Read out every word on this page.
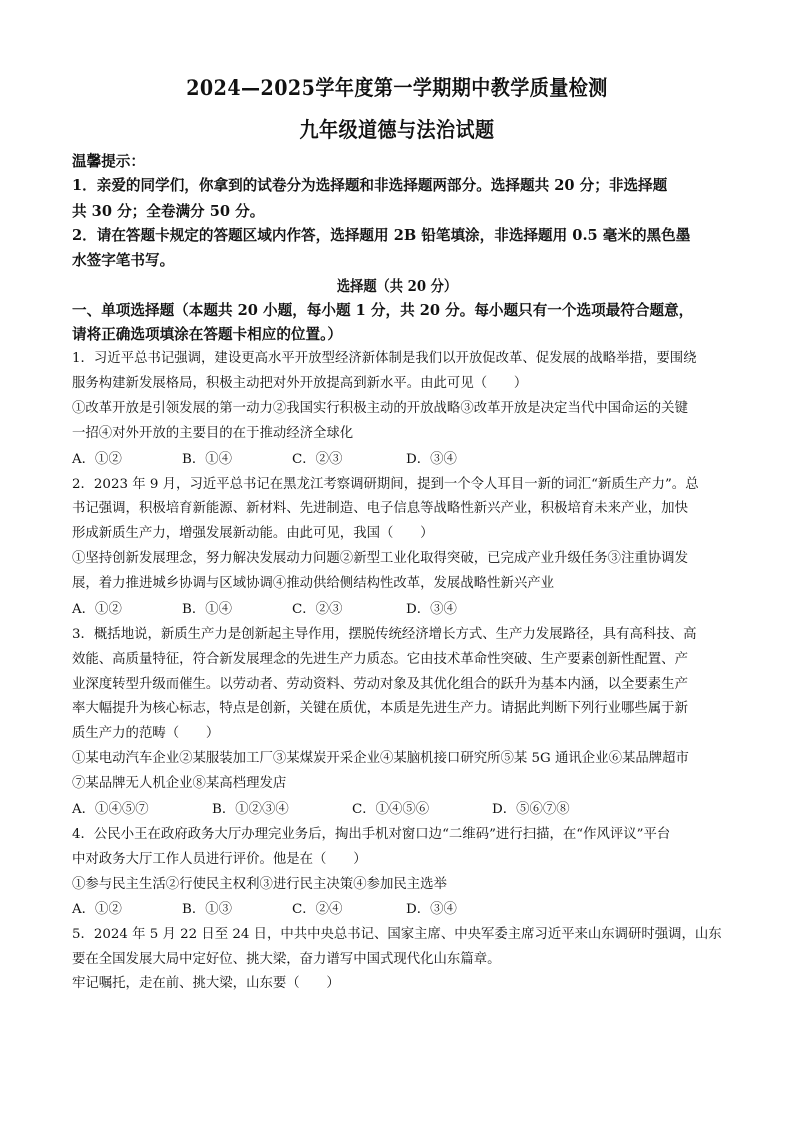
2024—2025学年度第一学期期中教学质量检测
九年级道德与法治试题
温馨提示：
1．亲爱的同学们，你拿到的试卷分为选择题和非选择题两部分。选择题共 20 分；非选择题
共 30 分；全卷满分 50 分。
2．请在答题卡规定的答题区域内作答，选择题用 2B 铅笔填涂，非选择题用 0.5 毫米的黑色墨
水签字笔书写。
选择题（共 20 分）
一、单项选择题（本题共 20 小题，每小题 1 分，共 20 分。每小题只有一个选项最符合题意，
请将正确选项填涂在答题卡相应的位置。）
1．习近平总书记强调，建设更高水平开放型经济新体制是我们以开放促改革、促发展的战略举措，要围绕
服务构建新发展格局，积极主动把对外开放提高到新水平。由此可见（　　）
①改革开放是引领发展的第一动力②我国实行积极主动的开放战略③改革开放是决定当代中国命运的关键
一招④对外开放的主要目的在于推动经济全球化
A．①②	B．①④	C．②③	D．③④
2．2023 年 9 月，习近平总书记在黑龙江考察调研期间，提到一个令人耳目一新的词汇“新质生产力”。总
书记强调，积极培育新能源、新材料、先进制造、电子信息等战略性新兴产业，积极培育未来产业，加快
形成新质生产力，增强发展新动能。由此可见，我国（　　）
①坚持创新发展理念，努力解决发展动力问题②新型工业化取得突破，已完成产业升级任务③注重协调发
展，着力推进城乡协调与区域协调④推动供给侧结构性改革，发展战略性新兴产业
A．①②	B．①④	C．②③	D．③④
3．概括地说，新质生产力是创新起主导作用，摆脱传统经济增长方式、生产力发展路径，具有高科技、高
效能、高质量特征，符合新发展理念的先进生产力质态。它由技术革命性突破、生产要素创新性配置、产
业深度转型升级而催生。以劳动者、劳动资料、劳动对象及其优化组合的跃升为基本内涵，以全要素生产
率大幅提升为核心标志，特点是创新，关键在质优，本质是先进生产力。请据此判断下列行业哪些属于新
质生产力的范畴（　　）
①某电动汽车企业②某服装加工厂③某煤炭开采企业④某脑机接口研究所⑤某 5G 通讯企业⑥某品牌超市
⑦某品牌无人机企业⑧某高档理发店
A．①④⑤⑦	B．①②③④	C．①④⑤⑥	D．⑤⑥⑦⑧
4．公民小王在政府政务大厅办理完业务后，掏出手机对窗口边“二维码”进行扫描，在“作风评议”平台
中对政务大厅工作人员进行评价。他是在（　　）
①参与民主生活②行使民主权利③进行民主决策④参加民主选举
A．①②	B．①③	C．②④	D．③④
5．2024 年 5 月 22 日至 24 日，中共中央总书记、国家主席、中央军委主席习近平来山东调研时强调，山东
要在全国发展大局中定好位、挑大梁，奋力谱写中国式现代化山东篇章。
牢记嘱托，走在前、挑大梁，山东要（　　）
